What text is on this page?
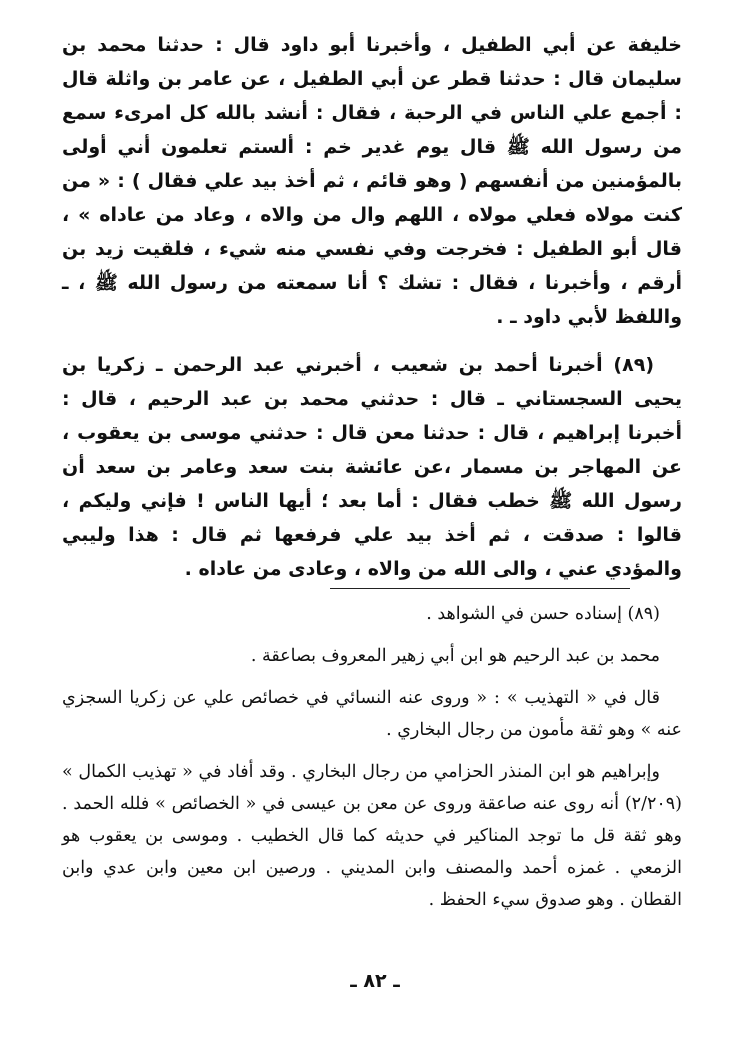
خليفة عن أبي الطفيل ، وأخبرنا أبو داود قال : حدثنا محمد بن سليمان قال : حدثنا قطر عن أبي الطفيل ، عن عامر بن واثلة قال : أجمع علي الناس في الرحبة ، فقال : أنشد بالله كل امرىء سمع من رسول الله ﷺ قال يوم غدير خم : ألستم تعلمون أني أولى بالمؤمنين من أنفسهم ( وهو قائم ، ثم أخذ بيد علي فقال ) : « من كنت مولاه فعلي مولاه ، اللهم وال من والاه ، وعاد من عاداه » ، قال أبو الطفيل : فخرجت وفي نفسي منه شيء ، فلقيت زيد بن أرقم ، وأخبرنا ، فقال : تشك ؟ أنا سمعته من رسول الله ﷺ ، ـ واللفظ لأبي داود ـ .

(٨٩) أخبرنا أحمد بن شعيب ، أخبرني عبد الرحمن ـ زكريا بن يحيى السجستاني ـ قال : حدثني محمد بن عبد الرحيم ، قال : أخبرنا إبراهيم ، قال : حدثنا معن قال : حدثني موسى بن يعقوب ، عن المهاجر بن مسمار ،عن عائشة بنت سعد وعامر بن سعد أن رسول الله ﷺ خطب فقال : أما بعد ؛ أيها الناس ! فإني وليكم ، قالوا : صدقت ، ثم أخذ بيد علي فرفعها ثم قال : هذا وليبي والمؤدي عني ، والى الله من والاه ، وعادى من عاداه .

(٨٩) إسناده حسن في الشواهد .

محمد بن عبد الرحيم هو ابن أبي زهير المعروف بصاعقة .

قال في « التهذيب » : « وروى عنه النسائي في خصائص علي عن زكريا السجزي عنه » وهو ثقة مأمون من رجال البخاري .

وإبراهيم هو ابن المنذر الحزامي من رجال البخاري . وقد أفاد في « تهذيب الكمال » (٢/٢٠٩) أنه روى عنه صاعقة وروى عن معن بن عيسى في « الخصائص » فلله الحمد . وهو ثقة قل ما توجد المناكير في حديثه كما قال الخطيب . وموسى بن يعقوب هو الزمعي . غمزه أحمد والمصنف وابن المديني . ورصين ابن معين وابن عدي وابن القطان . وهو صدوق سيء الحفظ .

ـ ٨٢ ـ
